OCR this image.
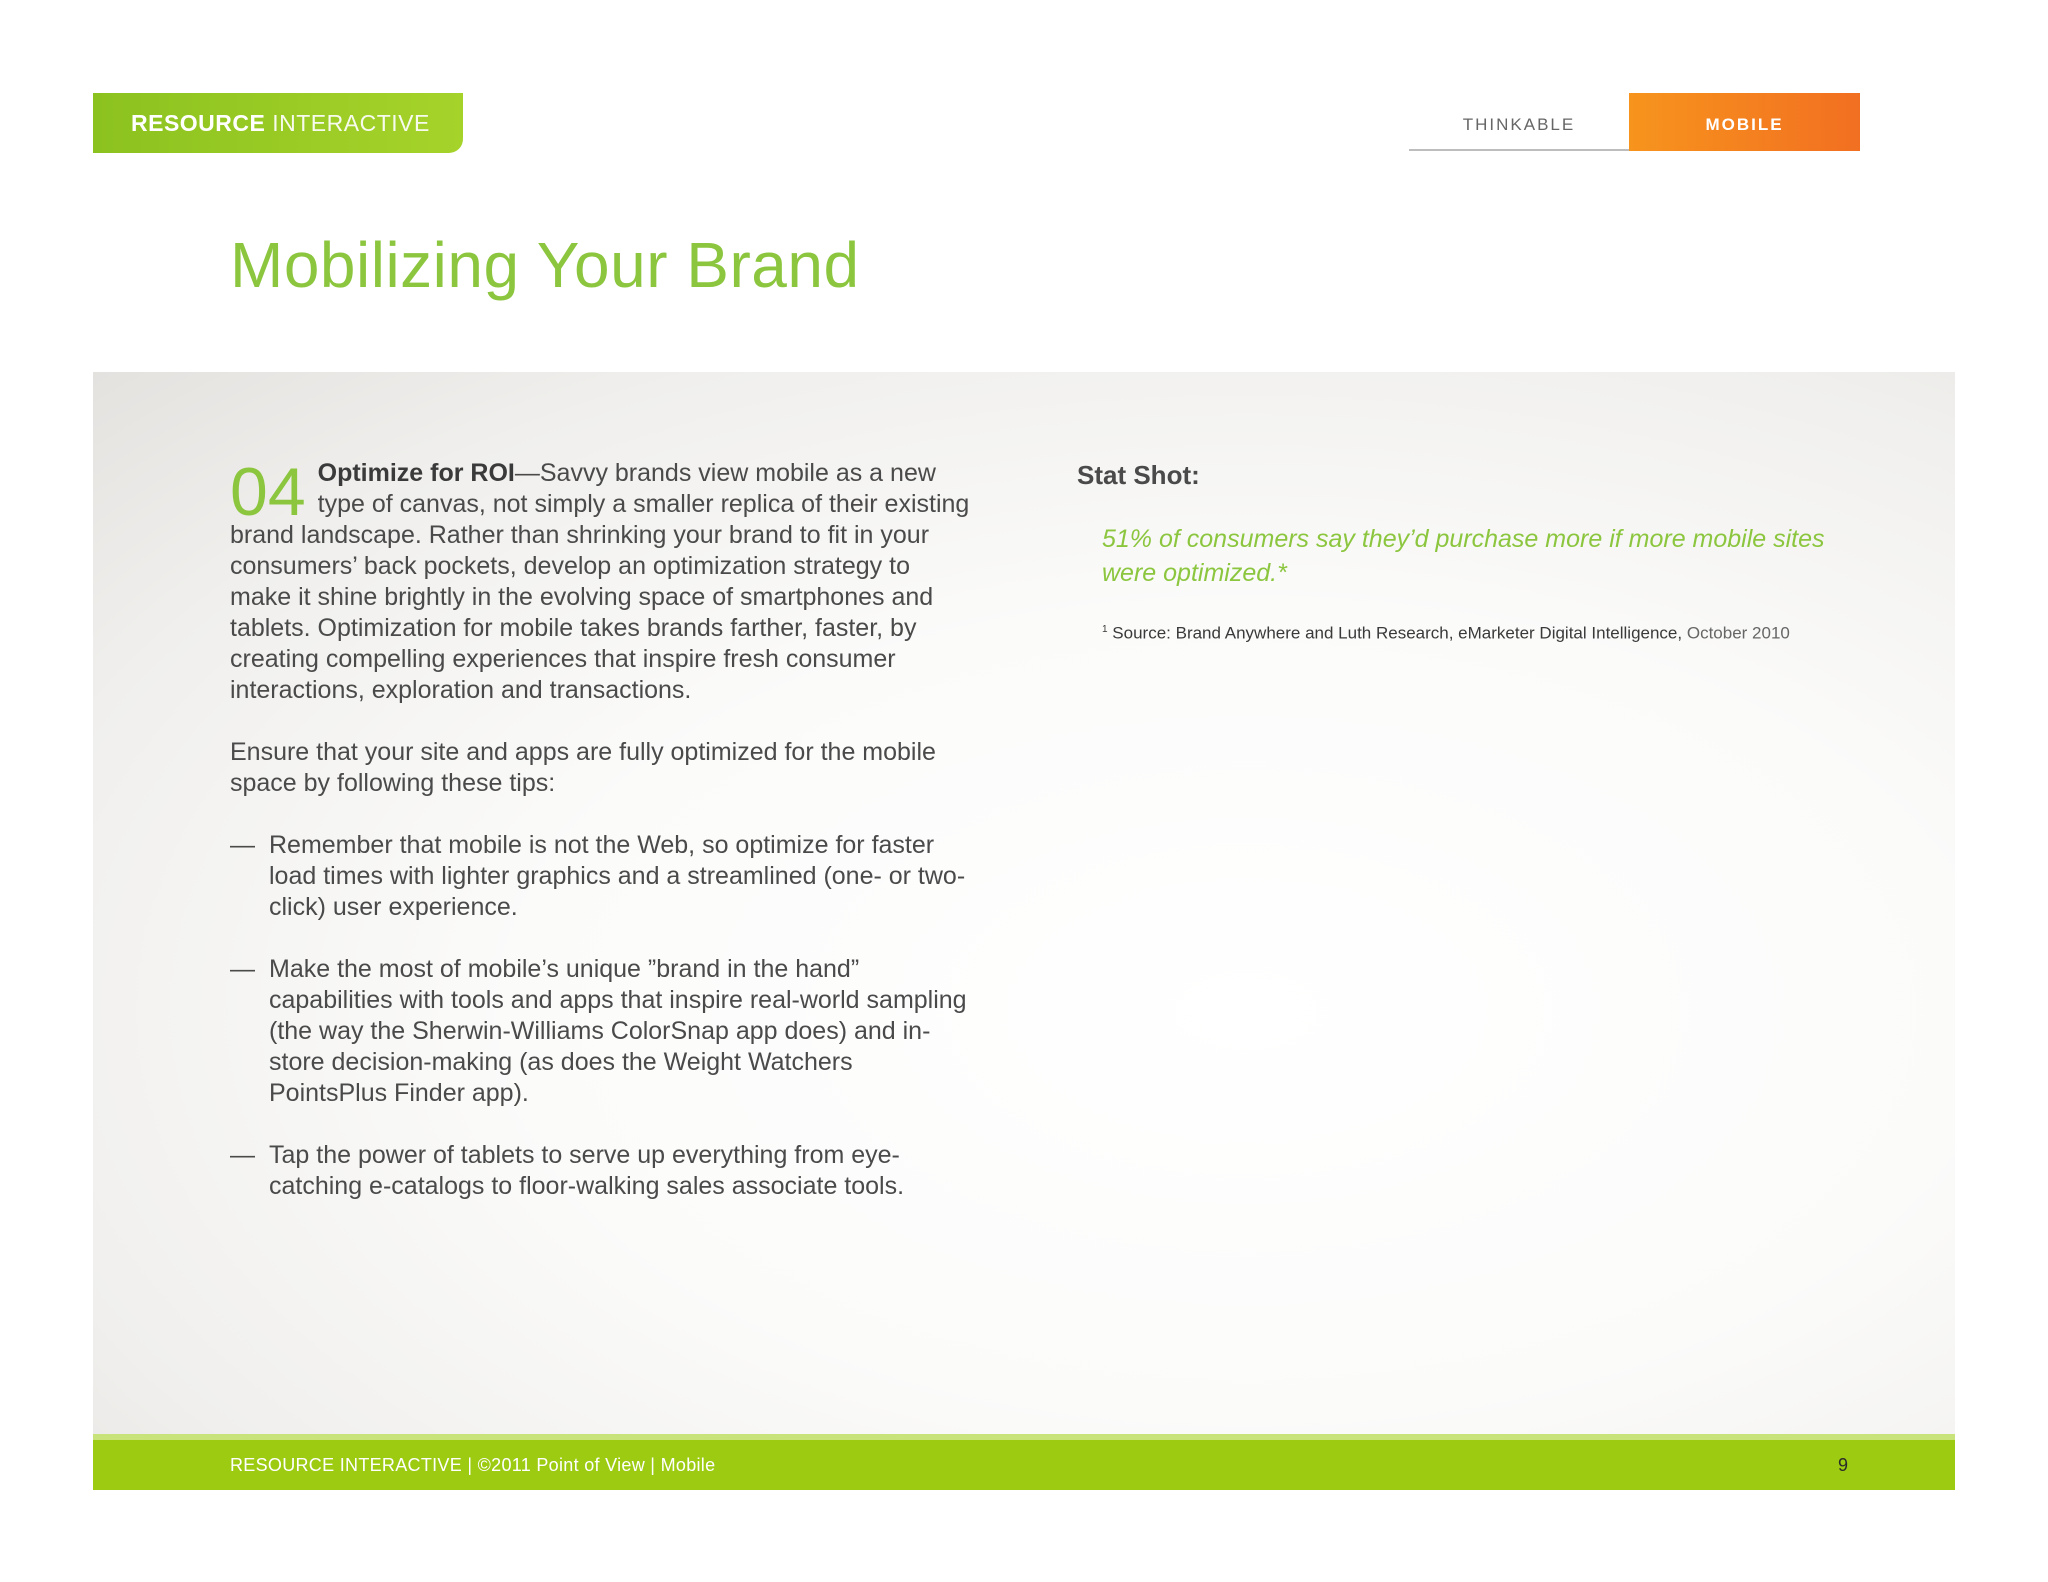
RESOURCE INTERACTIVE	THINKABLE	MOBILE
Mobilizing Your Brand

04 Optimize for ROI—Savvy brands view mobile as a new type of canvas, not simply a smaller replica of their existing brand landscape. Rather than shrinking your brand to fit in your consumers’ back pockets, develop an optimization strategy to make it shine brightly in the evolving space of smartphones and tablets. Optimization for mobile takes brands farther, faster, by creating compelling experiences that inspire fresh consumer interactions, exploration and transactions.

Ensure that your site and apps are fully optimized for the mobile space by following these tips:

— Remember that mobile is not the Web, so optimize for faster load times with lighter graphics and a streamlined (one- or two-click) user experience.
— Make the most of mobile’s unique ”brand in the hand” capabilities with tools and apps that inspire real-world sampling (the way the Sherwin-Williams ColorSnap app does) and in-store decision-making (as does the Weight Watchers PointsPlus Finder app).
— Tap the power of tablets to serve up everything from eye-catching e-catalogs to floor-walking sales associate tools.
Stat Shot:

51% of consumers say they’d purchase more if more mobile sites were optimized.*

$^1$ Source: Brand Anywhere and Luth Research, eMarketer Digital Intelligence, October 2010

RESOURCE INTERACTIVE | ©2011 Point of View | Mobile	9
